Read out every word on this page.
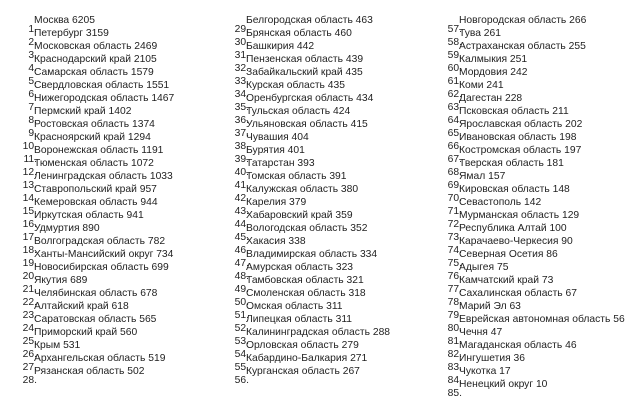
1.
Москва 6205
2.
Петербург 3159
3.
Московская область 2469
4.
Краснодарский край 2105
5.
Самарская область 1579
6.
Свердловская область 1551
7.
Нижегородская область 1467
8.
Пермский край 1402
9.
Ростовская область 1374
10.
Красноярский край 1294
11.
Воронежская область 1191
12.
Тюменская область 1072
13.
Ленинградская область 1033
14.
Ставропольский край 957
15.
Кемеровская область 944
16.
Иркутская область 941
17.
Удмуртия 890
18.
Волгоградская область 782
19.
Ханты-Мансийский округ 734
20.
Новосибирская область 699
21.
Якутия 689
22.
Челябинская область 678
23.
Алтайский край 618
24.
Саратовская область 565
25.
Приморский край 560
26.
Крым 531
27.
Архангельская область 519
28.
Рязанская область 502
29.
Белгородская область 463
30.
Брянская область 460
31.
Башкирия 442
32.
Пензенская область 439
33.
Забайкальский край 435
34.
Курская область 435
35.
Оренбургская область 434
36.
Тульская область 424
37.
Ульяновская область 415
38.
Чувашия 404
39.
Бурятия 401
40.
Татарстан 393
41.
Томская область 391
42.
Калужская область 380
43.
Карелия 379
44.
Хабаровский край 359
45.
Вологодская область 352
46.
Хакасия 338
47.
Владимирская область 334
48.
Амурская область 323
49.
Тамбовская область 321
50.
Смоленская область 318
51.
Омская область 311
52.
Липецкая область 311
53.
Калининградская область 288
54.
Орловская область 279
55.
Кабардино-Балкария 271
56.
Курганская область 267
57.
Новгородская область 266
58.
Тува 261
59.
Астраханская область 255
60.
Калмыкия 251
61.
Мордовия 242
62.
Коми 241
63.
Дагестан 228
64.
Псковская область 211
65.
Ярославская область 202
66.
Ивановская область 198
67.
Костромская область 197
68.
Тверская область 181
69.
Ямал 157
70.
Кировская область 148
71.
Севастополь 142
72.
Мурманская область 129
73.
Республика Алтай 100
74.
Карачаево-Черкесия 90
75.
Северная Осетия 86
76.
Адыгея 75
77.
Камчатский край 73
78.
Сахалинская область 67
79.
Марий Эл 63
80.
Еврейская автономная область 56
81.
Чечня 47
82.
Магаданская область 46
83.
Ингушетия 36
84.
Чукотка 17
85.
Ненецкий округ 10
